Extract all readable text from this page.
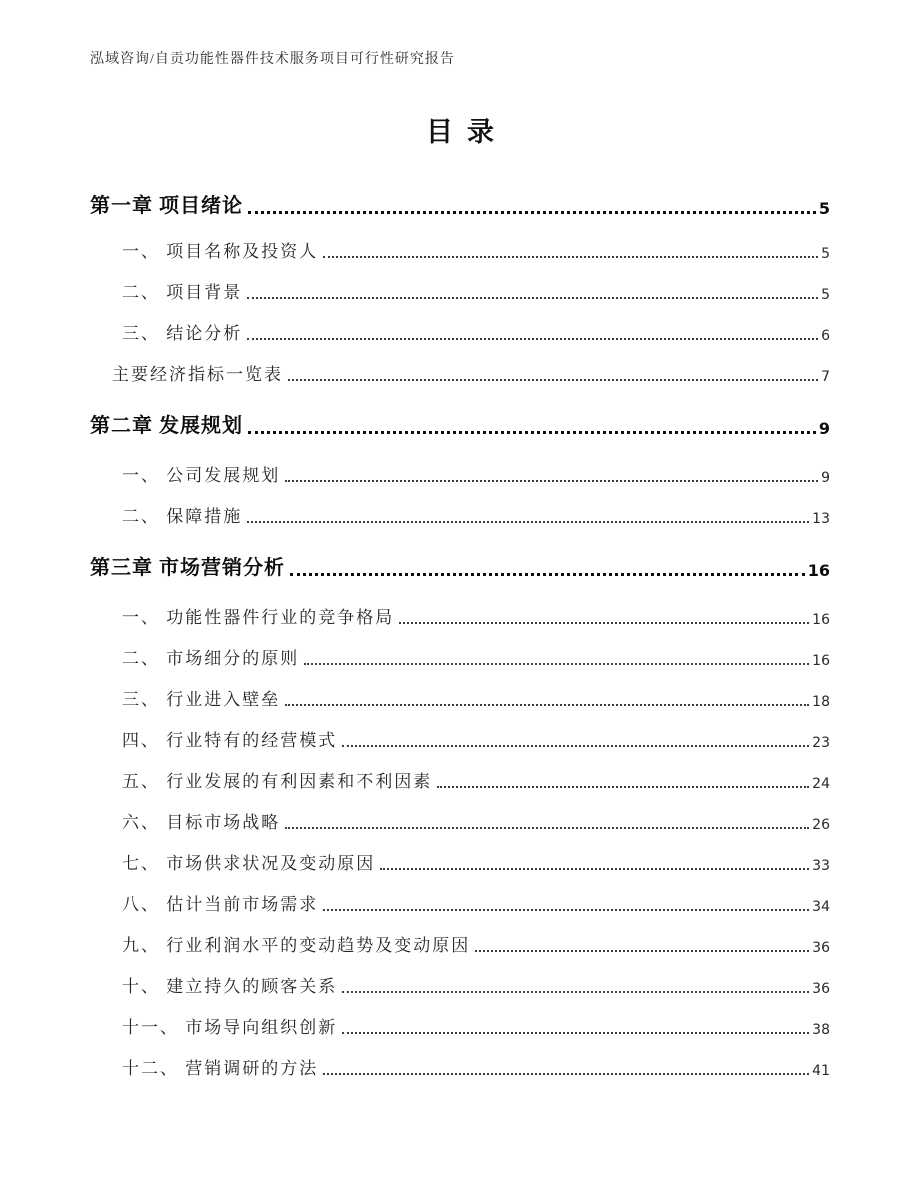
泓域咨询/自贡功能性器件技术服务项目可行性研究报告
目录
第一章 项目绪论	5
一、 项目名称及投资人	5
二、 项目背景	5
三、 结论分析	6
主要经济指标一览表	7
第二章 发展规划	9
一、 公司发展规划	9
二、 保障措施	13
第三章 市场营销分析	16
一、 功能性器件行业的竞争格局	16
二、 市场细分的原则	16
三、 行业进入壁垒	18
四、 行业特有的经营模式	23
五、 行业发展的有利因素和不利因素	24
六、 目标市场战略	26
七、 市场供求状况及变动原因	33
八、 估计当前市场需求	34
九、 行业利润水平的变动趋势及变动原因	36
十、 建立持久的顾客关系	36
十一、 市场导向组织创新	38
十二、 营销调研的方法	41
